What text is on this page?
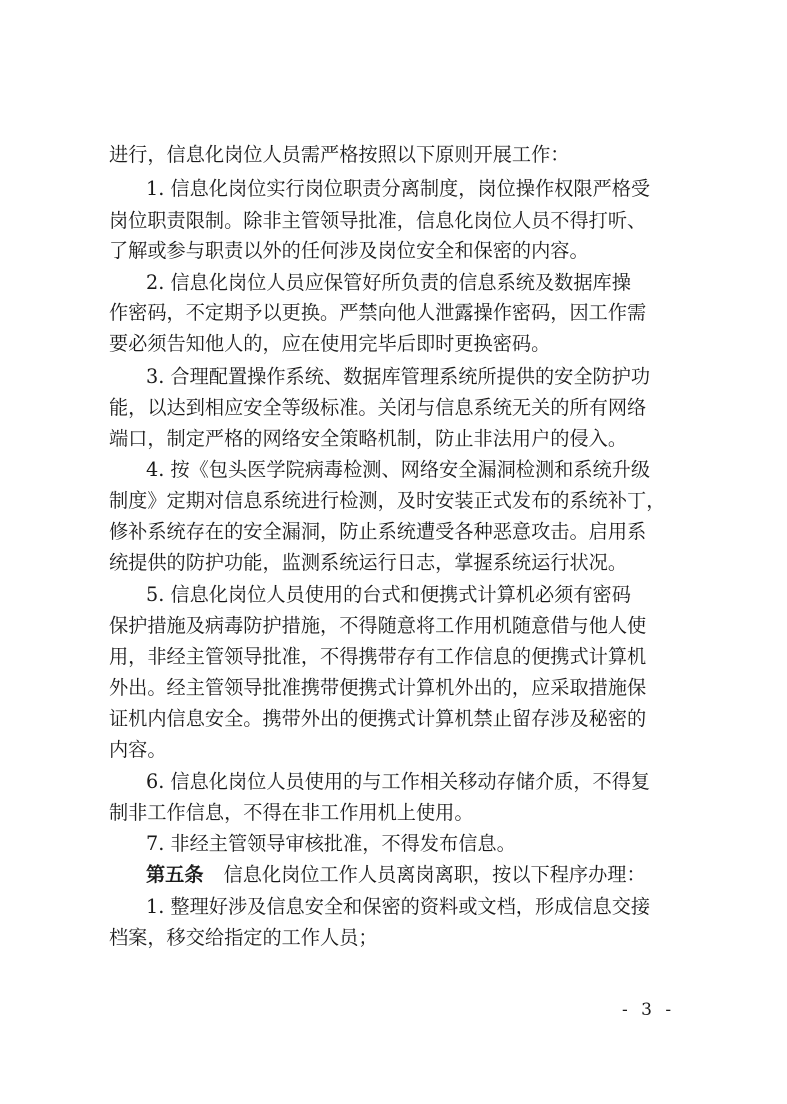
进行，信息化岗位人员需严格按照以下原则开展工作：
1. 信息化岗位实行岗位职责分离制度，岗位操作权限严格受
岗位职责限制。除非主管领导批准，信息化岗位人员不得打听、
了解或参与职责以外的任何涉及岗位安全和保密的内容。
2. 信息化岗位人员应保管好所负责的信息系统及数据库操
作密码，不定期予以更换。严禁向他人泄露操作密码，因工作需
要必须告知他人的，应在使用完毕后即时更换密码。
3. 合理配置操作系统、数据库管理系统所提供的安全防护功
能，以达到相应安全等级标准。关闭与信息系统无关的所有网络
端口，制定严格的网络安全策略机制，防止非法用户的侵入。
4. 按《包头医学院病毒检测、网络安全漏洞检测和系统升级
制度》定期对信息系统进行检测，及时安装正式发布的系统补丁，
修补系统存在的安全漏洞，防止系统遭受各种恶意攻击。启用系
统提供的防护功能，监测系统运行日志，掌握系统运行状况。
5. 信息化岗位人员使用的台式和便携式计算机必须有密码
保护措施及病毒防护措施，不得随意将工作用机随意借与他人使
用，非经主管领导批准，不得携带存有工作信息的便携式计算机
外出。经主管领导批准携带便携式计算机外出的，应采取措施保
证机内信息安全。携带外出的便携式计算机禁止留存涉及秘密的
内容。
6. 信息化岗位人员使用的与工作相关移动存储介质，不得复
制非工作信息，不得在非工作用机上使用。
7. 非经主管领导审核批准，不得发布信息。
第五条 信息化岗位工作人员离岗离职，按以下程序办理：
1. 整理好涉及信息安全和保密的资料或文档，形成信息交接
档案，移交给指定的工作人员；
- 3 -
